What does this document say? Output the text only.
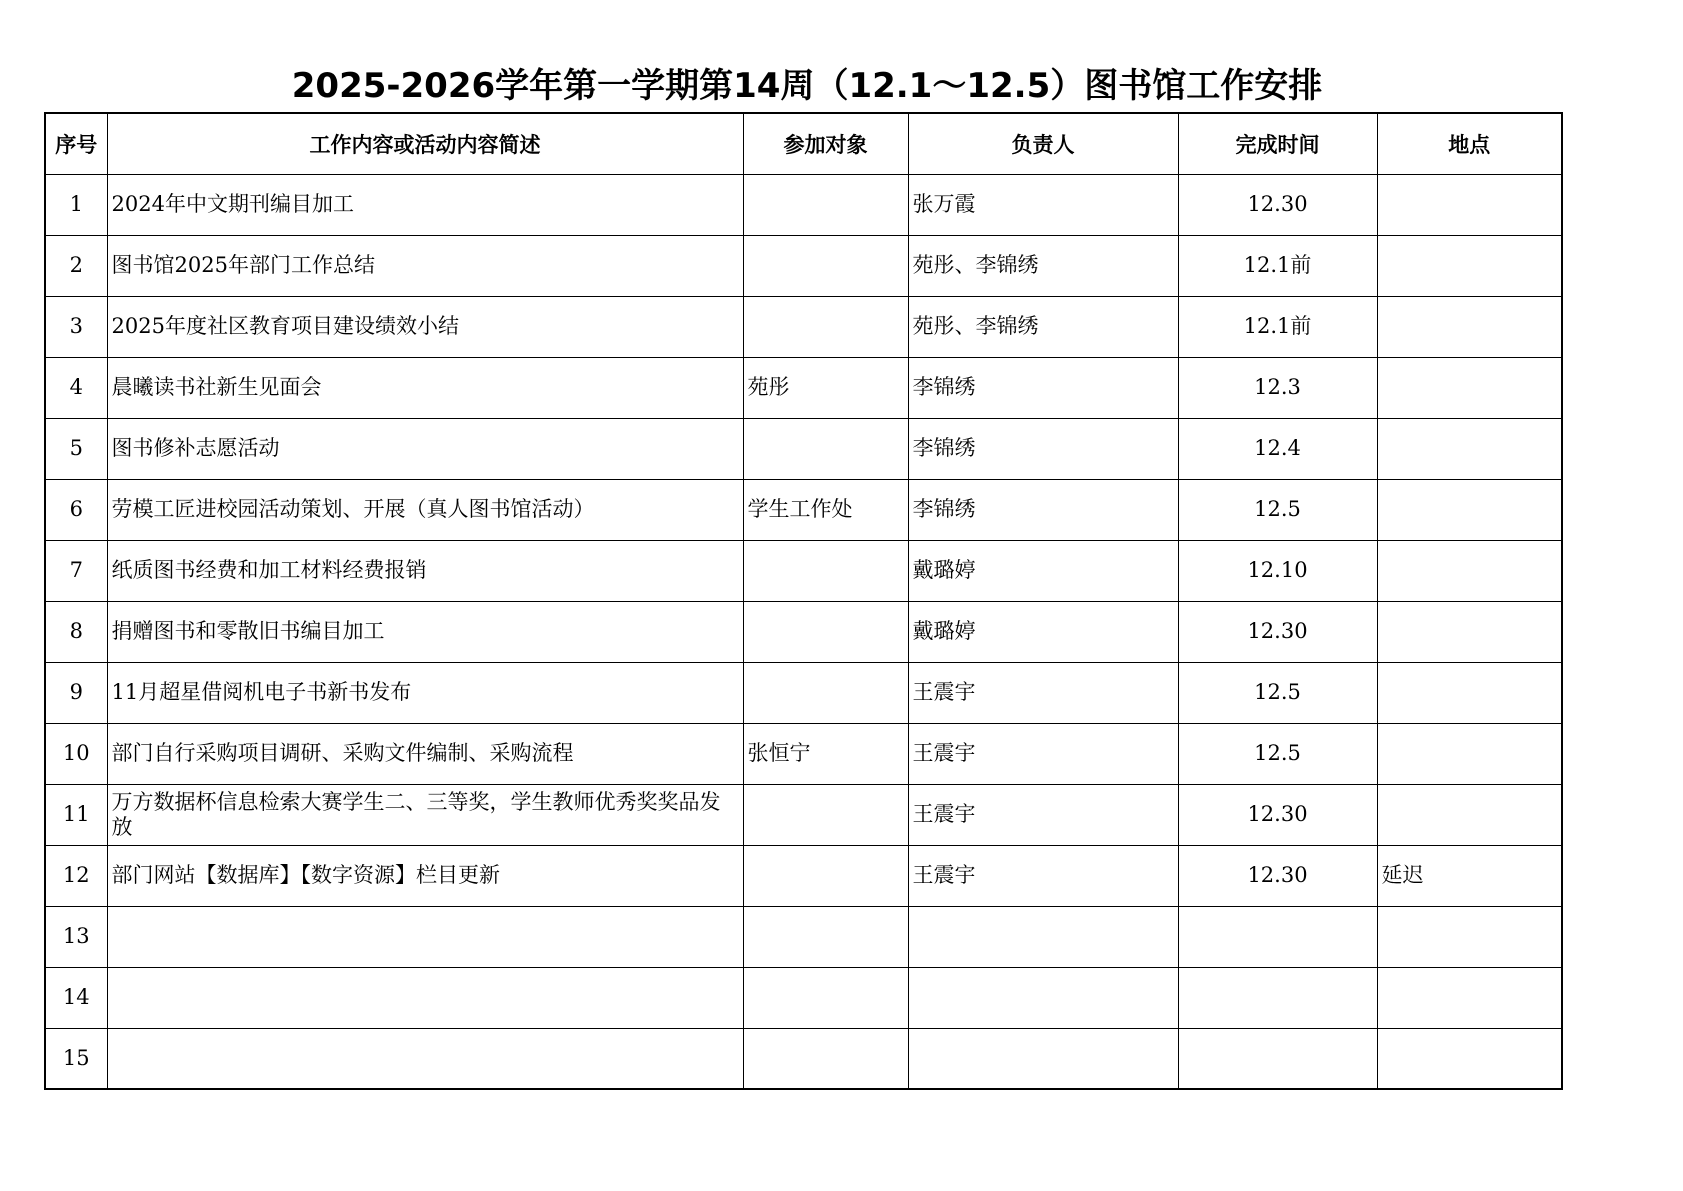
2025-2026学年第一学期第14周（12.1～12.5）图书馆工作安排
序号	工作内容或活动内容简述	参加对象	负责人	完成时间	地点
1	2024年中文期刊编目加工		张万霞	12.30	
2	图书馆2025年部门工作总结		苑彤、李锦绣	12.1前	
3	2025年度社区教育项目建设绩效小结		苑彤、李锦绣	12.1前	
4	晨曦读书社新生见面会	苑彤	李锦绣	12.3	
5	图书修补志愿活动		李锦绣	12.4	
6	劳模工匠进校园活动策划、开展（真人图书馆活动）	学生工作处	李锦绣	12.5	
7	纸质图书经费和加工材料经费报销		戴璐婷	12.10	
8	捐赠图书和零散旧书编目加工		戴璐婷	12.30	
9	11月超星借阅机电子书新书发布		王震宇	12.5	
10	部门自行采购项目调研、采购文件编制、采购流程	张恒宁	王震宇	12.5	
11	万方数据杯信息检索大赛学生二、三等奖，学生教师优秀奖奖品发放		王震宇	12.30	
12	部门网站【数据库】【数字资源】栏目更新		王震宇	12.30	延迟
13					
14					
15					
